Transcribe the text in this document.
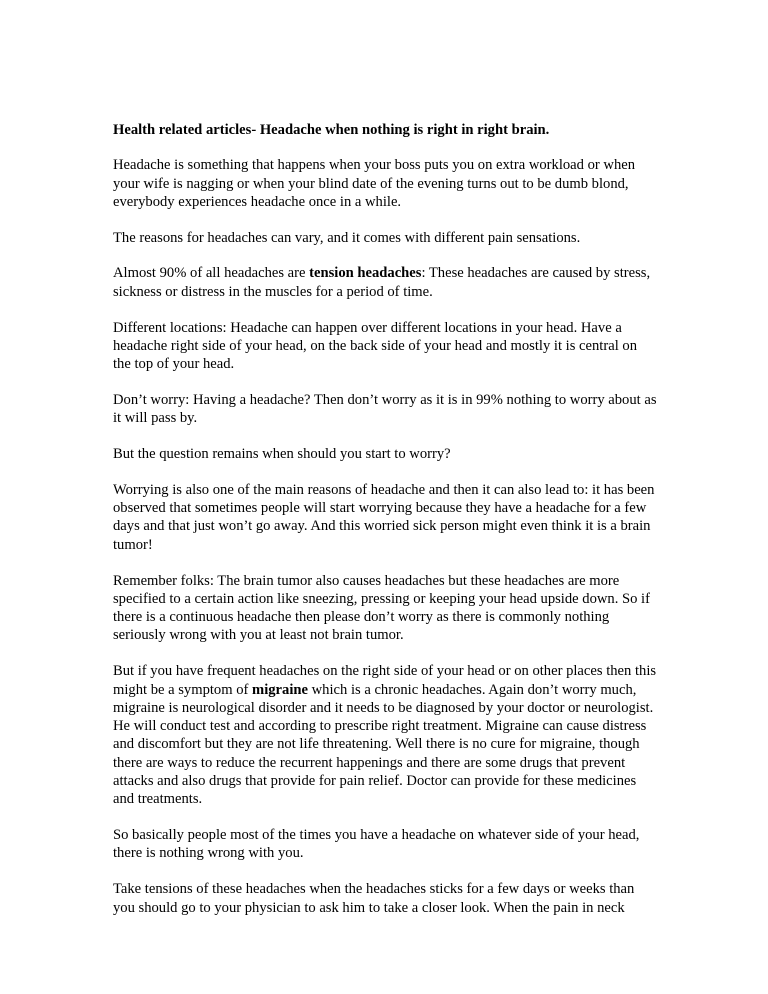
Health related articles- Headache when nothing is right in right brain.

Headache is something that happens when your boss puts you on extra workload or when your wife is nagging or when your blind date of the evening turns out to be dumb blond, everybody experiences headache once in a while.

The reasons for headaches can vary, and it comes with different pain sensations.

Almost 90% of all headaches are tension headaches: These headaches are caused by stress, sickness or distress in the muscles for a period of time.

Different locations: Headache can happen over different locations in your head. Have a headache right side of your head, on the back side of your head and mostly it is central on the top of your head.

Don’t worry: Having a headache? Then don’t worry as it is in 99% nothing to worry about as it will pass by.

But the question remains when should you start to worry?

Worrying is also one of the main reasons of headache and then it can also lead to: it has been observed that sometimes people will start worrying because they have a headache for a few days and that just won’t go away. And this worried sick person might even think it is a brain tumor!

Remember folks: The brain tumor also causes headaches but these headaches are more specified to a certain action like sneezing, pressing or keeping your head upside down. So if there is a continuous headache then please don’t worry as there is commonly nothing seriously wrong with you at least not brain tumor.

But if you have frequent headaches on the right side of your head or on other places then this might be a symptom of migraine which is a chronic headaches. Again don’t worry much, migraine is neurological disorder and it needs to be diagnosed by your doctor or neurologist. He will conduct test and according to prescribe right treatment. Migraine can cause distress and discomfort but they are not life threatening. Well there is no cure for migraine, though there are ways to reduce the recurrent happenings and there are some drugs that prevent attacks and also drugs that provide for pain relief. Doctor can provide for these medicines and treatments.

So basically people most of the times you have a headache on whatever side of your head, there is nothing wrong with you.

Take tensions of these headaches when the headaches sticks for a few days or weeks than you should go to your physician to ask him to take a closer look. When the pain in neck
